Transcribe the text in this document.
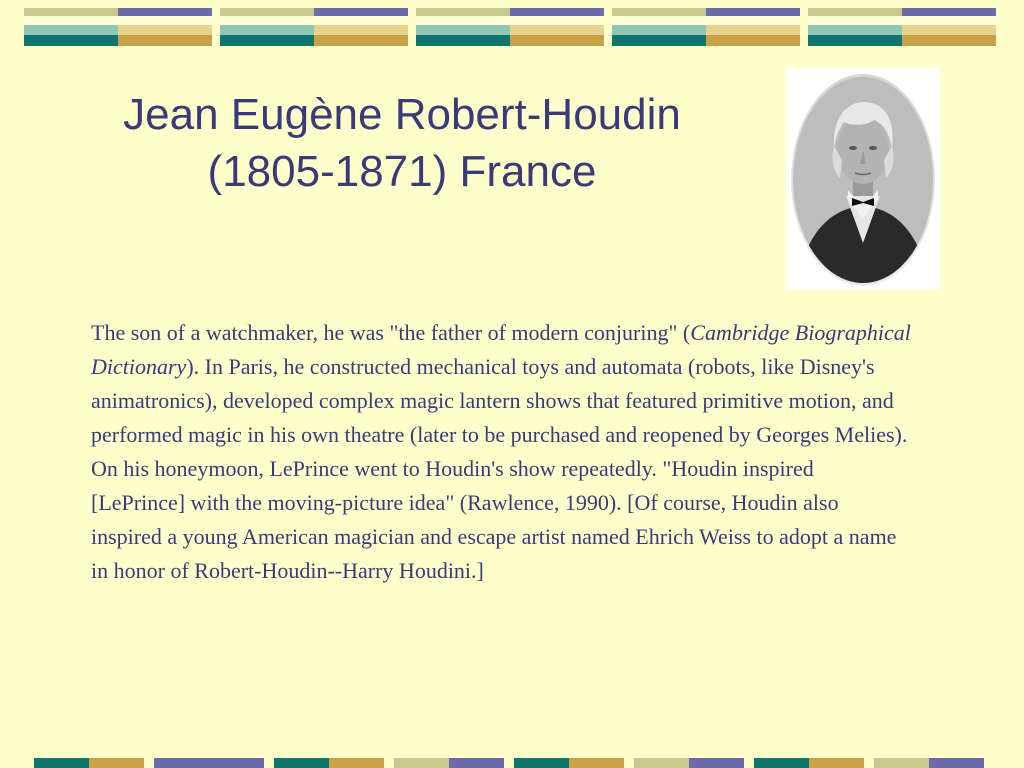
Jean Eugène Robert-Houdin
(1805-1871) France
The son of a watchmaker, he was "the father of modern conjuring" (Cambridge Biographical Dictionary). In Paris, he constructed mechanical toys and automata (robots, like Disney's animatronics), developed complex magic lantern shows that featured primitive motion, and performed magic in his own theatre (later to be purchased and reopened by Georges Melies). On his honeymoon, LePrince went to Houdin's show repeatedly. "Houdin inspired [LePrince] with the moving-picture idea" (Rawlence, 1990). [Of course, Houdin also inspired a young American magician and escape artist named Ehrich Weiss to adopt a name in honor of Robert-Houdin--Harry Houdini.]
